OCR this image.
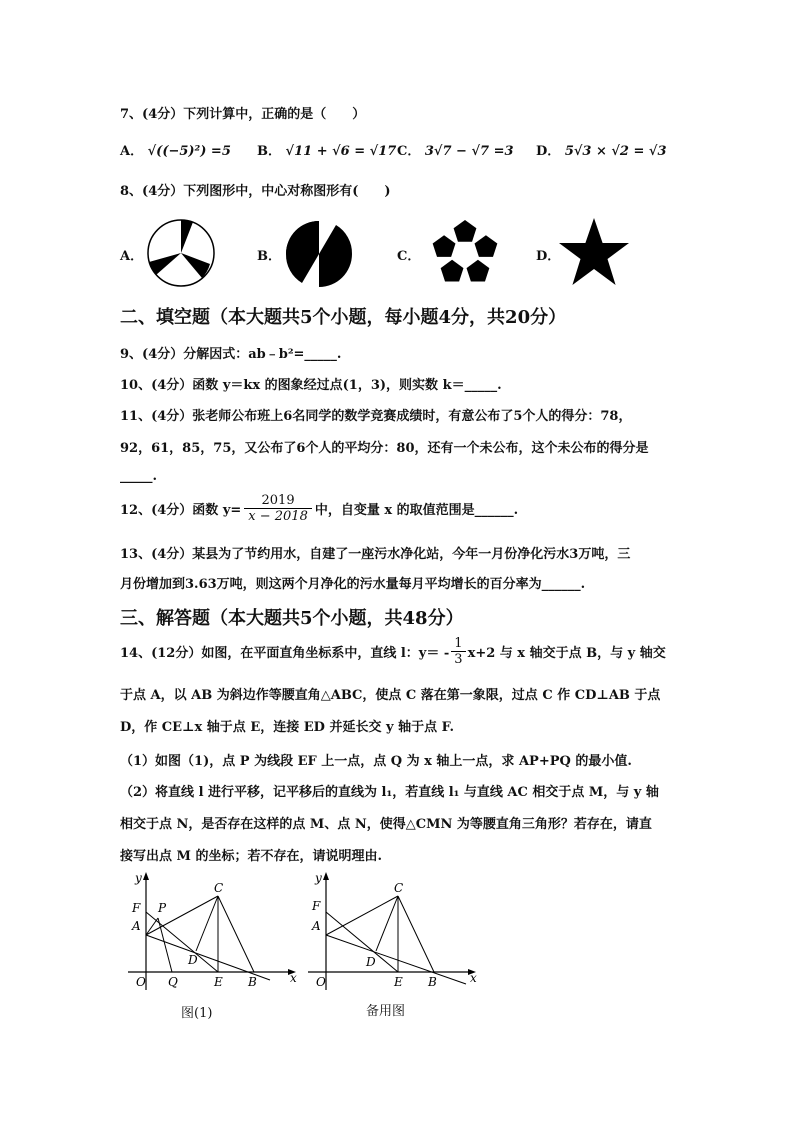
7、(4分）下列计算中，正确的是（　　）
A． √((−5)²) =5 B． √11 + √6 = √17 C． 3√7 − √7 =3 D． 5√3 × √2 = √3
8、(4分）下列图形中，中心对称图形有(　　)
A．	B．	C．	D．
二、填空题（本大题共5个小题，每小题4分，共20分）
9、(4分）分解因式：ab﹣b²=_____.
10、(4分）函数 y＝kx 的图象经过点(1，3)，则实数 k＝_____.
11、(4分）张老师公布班上6名同学的数学竞赛成绩时，有意公布了5个人的得分：78，
92，61，85，75，又公布了6个人的平均分：80，还有一个未公布，这个未公布的得分是
_____.
12、(4分）函数 $y= \frac{2019}{x - 2018}$ 中，自变量 x 的取值范围是______.
13、(4分）某县为了节约用水，自建了一座污水净化站，今年一月份净化污水3万吨，三
月份增加到3.63万吨，则这两个月净化的污水量每月平均增长的百分率为______.
三、解答题（本大题共5个小题，共48分）
14、(12分）如图，在平面直角坐标系中，直线 l：$y= - \frac{1}{3} x+2$ 与 x 轴交于点 B，与 y 轴交
于点 A，以 AB 为斜边作等腰直角△ABC，使点 C 落在第一象限，过点 C 作 CD⊥AB 于点
D，作 CE⊥x 轴于点 E，连接 ED 并延长交 y 轴于点 F.
（1）如图（1)，点 P 为线段 EF 上一点，点 Q 为 x 轴上一点，求 AP+PQ 的最小值.
（2）将直线 l 进行平移，记平移后的直线为 l₁，若直线 l₁ 与直线 AC 相交于点 M，与 y 轴
相交于点 N，是否存在这样的点 M、点 N，使得△CMN 为等腰直角三角形？若存在，请直
接写出点 M 的坐标；若不存在，请说明理由.
y
F P
A
C
D
O Q	E B	x
图(1)
y
F
A
C
D
O	E B	x
备用图
